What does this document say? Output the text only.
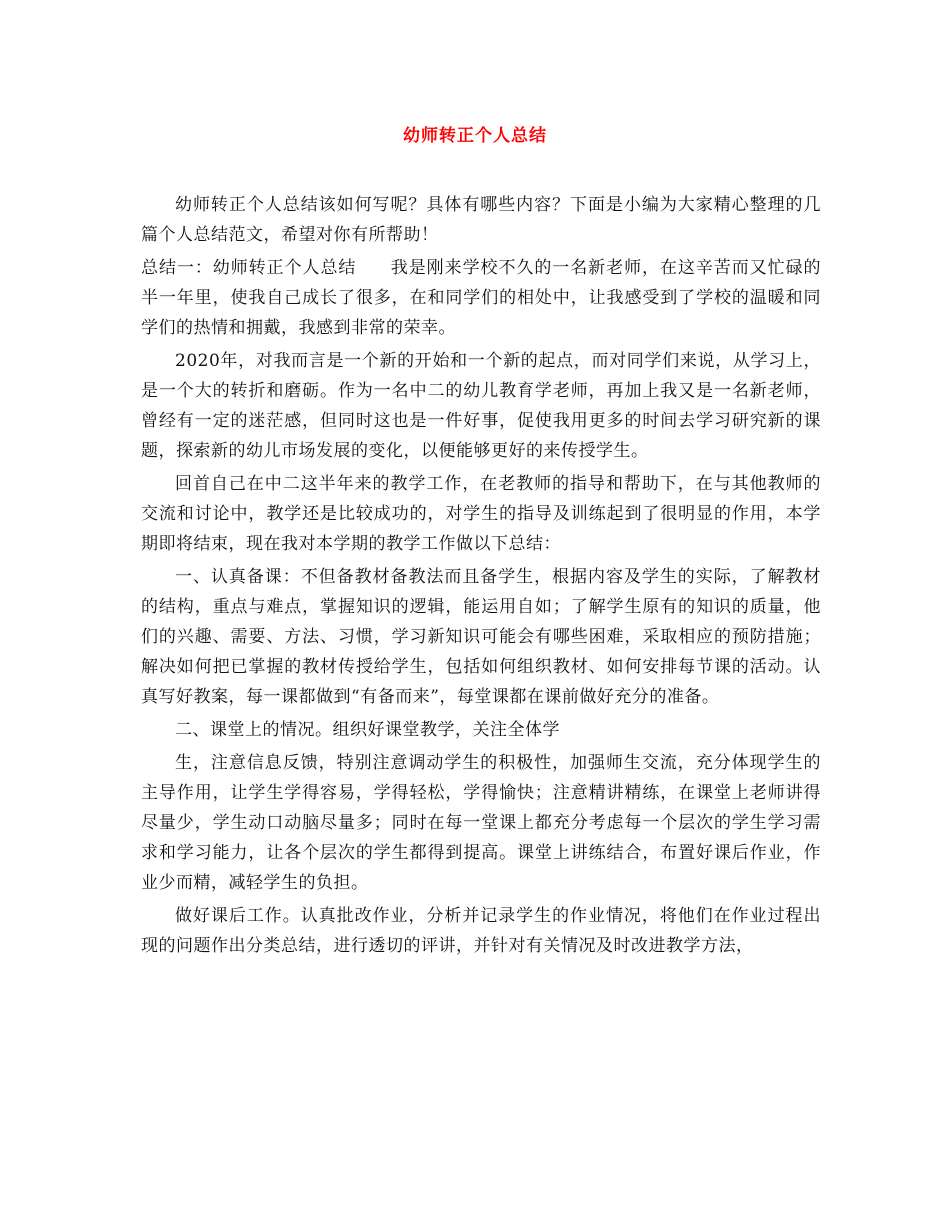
幼师转正个人总结

幼师转正个人总结该如何写呢？具体有哪些内容？下面是小编为大家精心整理的几篇个人总结范文，希望对你有所帮助！

总结一：幼师转正个人总结 我是刚来学校不久的一名新老师，在这辛苦而又忙碌的半一年里，使我自己成长了很多，在和同学们的相处中，让我感受到了学校的温暖和同学们的热情和拥戴，我感到非常的荣幸。

2020年，对我而言是一个新的开始和一个新的起点，而对同学们来说，从学习上，是一个大的转折和磨砺。作为一名中二的幼儿教育学老师，再加上我又是一名新老师，曾经有一定的迷茫感，但同时这也是一件好事，促使我用更多的时间去学习研究新的课题，探索新的幼儿市场发展的变化，以便能够更好的来传授学生。

回首自己在中二这半年来的教学工作，在老教师的指导和帮助下，在与其他教师的交流和讨论中，教学还是比较成功的，对学生的指导及训练起到了很明显的作用，本学期即将结束，现在我对本学期的教学工作做以下总结：

一、认真备课：不但备教材备教法而且备学生，根据内容及学生的实际，了解教材的结构，重点与难点，掌握知识的逻辑，能运用自如；了解学生原有的知识的质量，他们的兴趣、需要、方法、习惯，学习新知识可能会有哪些困难，采取相应的预防措施；解决如何把已掌握的教材传授给学生，包括如何组织教材、如何安排每节课的活动。认真写好教案，每一课都做到“有备而来”，每堂课都在课前做好充分的准备。

二、课堂上的情况。组织好课堂教学，关注全体学

生，注意信息反馈，特别注意调动学生的积极性，加强师生交流，充分体现学生的主导作用，让学生学得容易，学得轻松，学得愉快；注意精讲精练，在课堂上老师讲得尽量少，学生动口动脑尽量多；同时在每一堂课上都充分考虑每一个层次的学生学习需求和学习能力，让各个层次的学生都得到提高。课堂上讲练结合，布置好课后作业，作业少而精，减轻学生的负担。

做好课后工作。认真批改作业，分析并记录学生的作业情况，将他们在作业过程出现的问题作出分类总结，进行透切的评讲，并针对有关情况及时改进教学方法，
